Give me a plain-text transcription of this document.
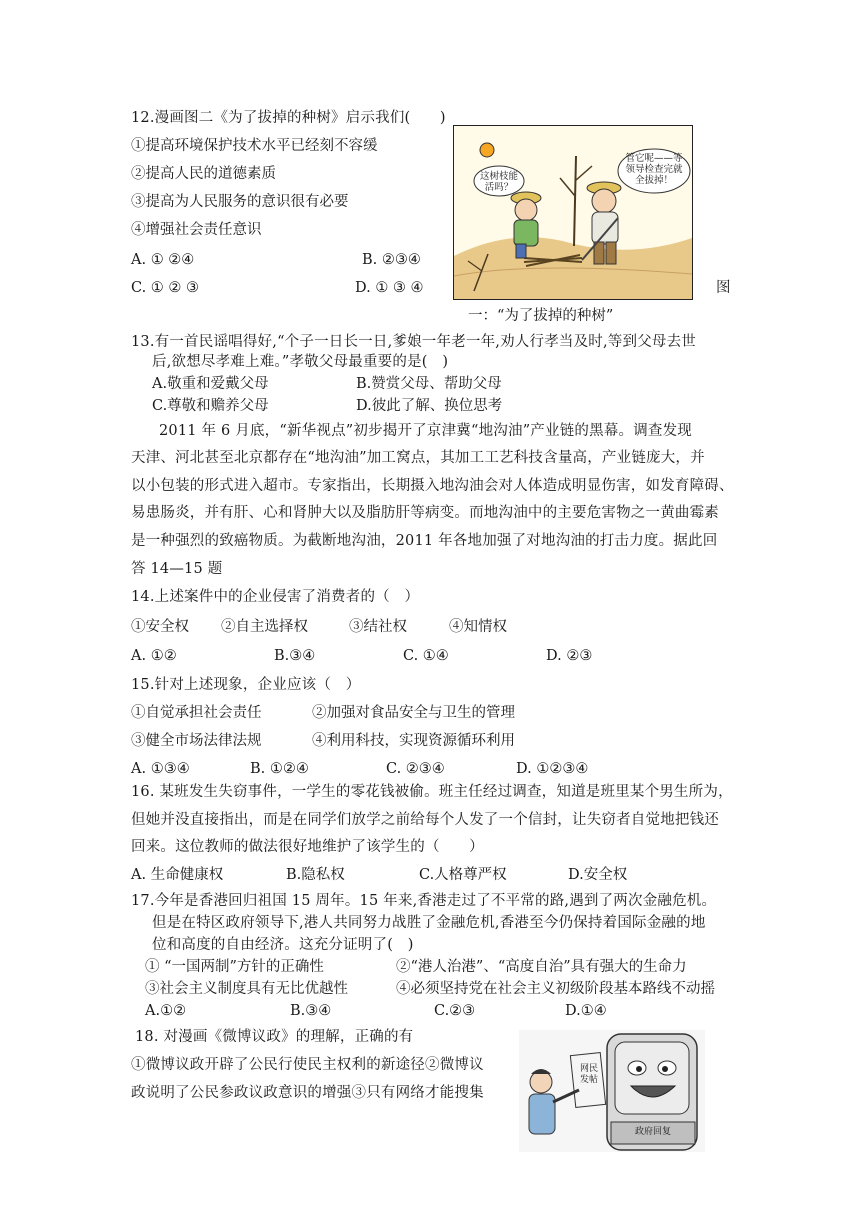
12.漫画图二《为了拔掉的种树》启示我们(　　)
①提高环境保护技术水平已经刻不容缓
②提高人民的道德素质
③提高为人民服务的意识很有必要
④增强社会责任意识
A. ① ②④	B. ②③④
C. ① ② ③	D. ① ③ ④	图
一：“为了拔掉的种树”
这树枝能活吗？
管它呢——等领导检查完就全拔掉！
13.有一首民谣唱得好,“个子一日长一日,爹娘一年老一年,劝人行孝当及时,等到父母去世
后,欲想尽孝难上难。”孝敬父母最重要的是(　)
A.敬重和爱戴父母	B.赞赏父母、帮助父母
C.尊敬和赡养父母	D.彼此了解、换位思考
2011 年 6 月底，“新华视点”初步揭开了京津冀“地沟油”产业链的黑幕。调查发现
天津、河北甚至北京都存在“地沟油”加工窝点，其加工工艺科技含量高，产业链庞大，并
以小包装的形式进入超市。专家指出，长期摄入地沟油会对人体造成明显伤害，如发育障碍、
易患肠炎，并有肝、心和肾肿大以及脂肪肝等病变。而地沟油中的主要危害物之一黄曲霉素
是一种强烈的致癌物质。为截断地沟油，2011 年各地加强了对地沟油的打击力度。据此回
答 14—15 题
14.上述案件中的企业侵害了消费者的（　）
①安全权 ②自主选择权	③结社权	④知情权
A. ①②	B.③④	C. ①④	D. ②③
15.针对上述现象，企业应该（　）
①自觉承担社会责任	②加强对食品安全与卫生的管理
③健全市场法律法规	④利用科技，实现资源循环利用
A. ①③④	B. ①②④	C. ②③④	D. ①②③④
16. 某班发生失窃事件，一学生的零花钱被偷。班主任经过调查，知道是班里某个男生所为，
但她并没直接指出，而是在同学们放学之前给每个人发了一个信封，让失窃者自觉地把钱还
回来。这位教师的做法很好地维护了该学生的（　　）
A. 生命健康权	B.隐私权	C.人格尊严权	D.安全权
17.今年是香港回归祖国 15 周年。15 年来,香港走过了不平常的路,遇到了两次金融危机。
但是在特区政府领导下,港人共同努力战胜了金融危机,香港至今仍保持着国际金融的地
位和高度的自由经济。这充分证明了(　)
① “一国两制”方针的正确性	②“港人治港”、“高度自治”具有强大的生命力
③社会主义制度具有无比优越性	④必须坚持党在社会主义初级阶段基本路线不动摇
A.①②	B.③④	C.②③	D.①④
18. 对漫画《微博议政》的理解，正确的有
①微博议政开辟了公民行使民主权利的新途径②微博议
政说明了公民参政议政意识的增强③只有网络才能搜集
网民发帖
政府回复
